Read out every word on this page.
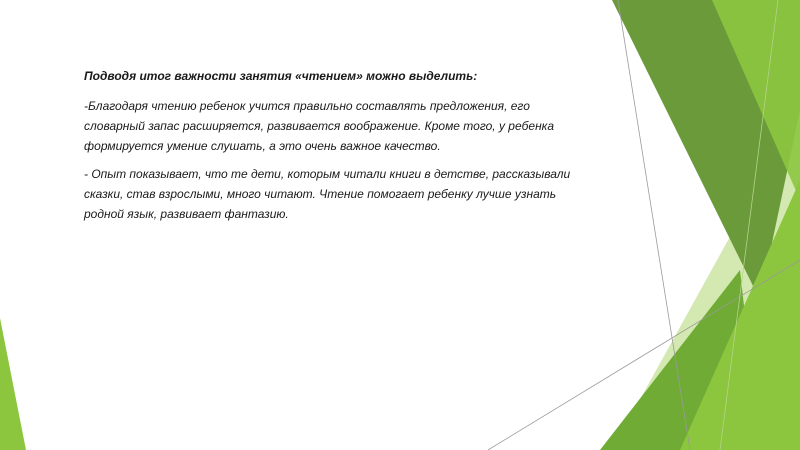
Подводя итог важности занятия «чтением» можно выделить:

-Благодаря чтению ребенок учится правильно составлять предложения, его словарный запас расширяется, развивается воображение. Кроме того, у ребенка формируется умение слушать, а это очень важное качество.

- Опыт показывает, что те дети, которым читали книги в детстве, рассказывали сказки, став взрослыми, много читают. Чтение помогает ребенку лучше узнать родной язык, развивает фантазию.
